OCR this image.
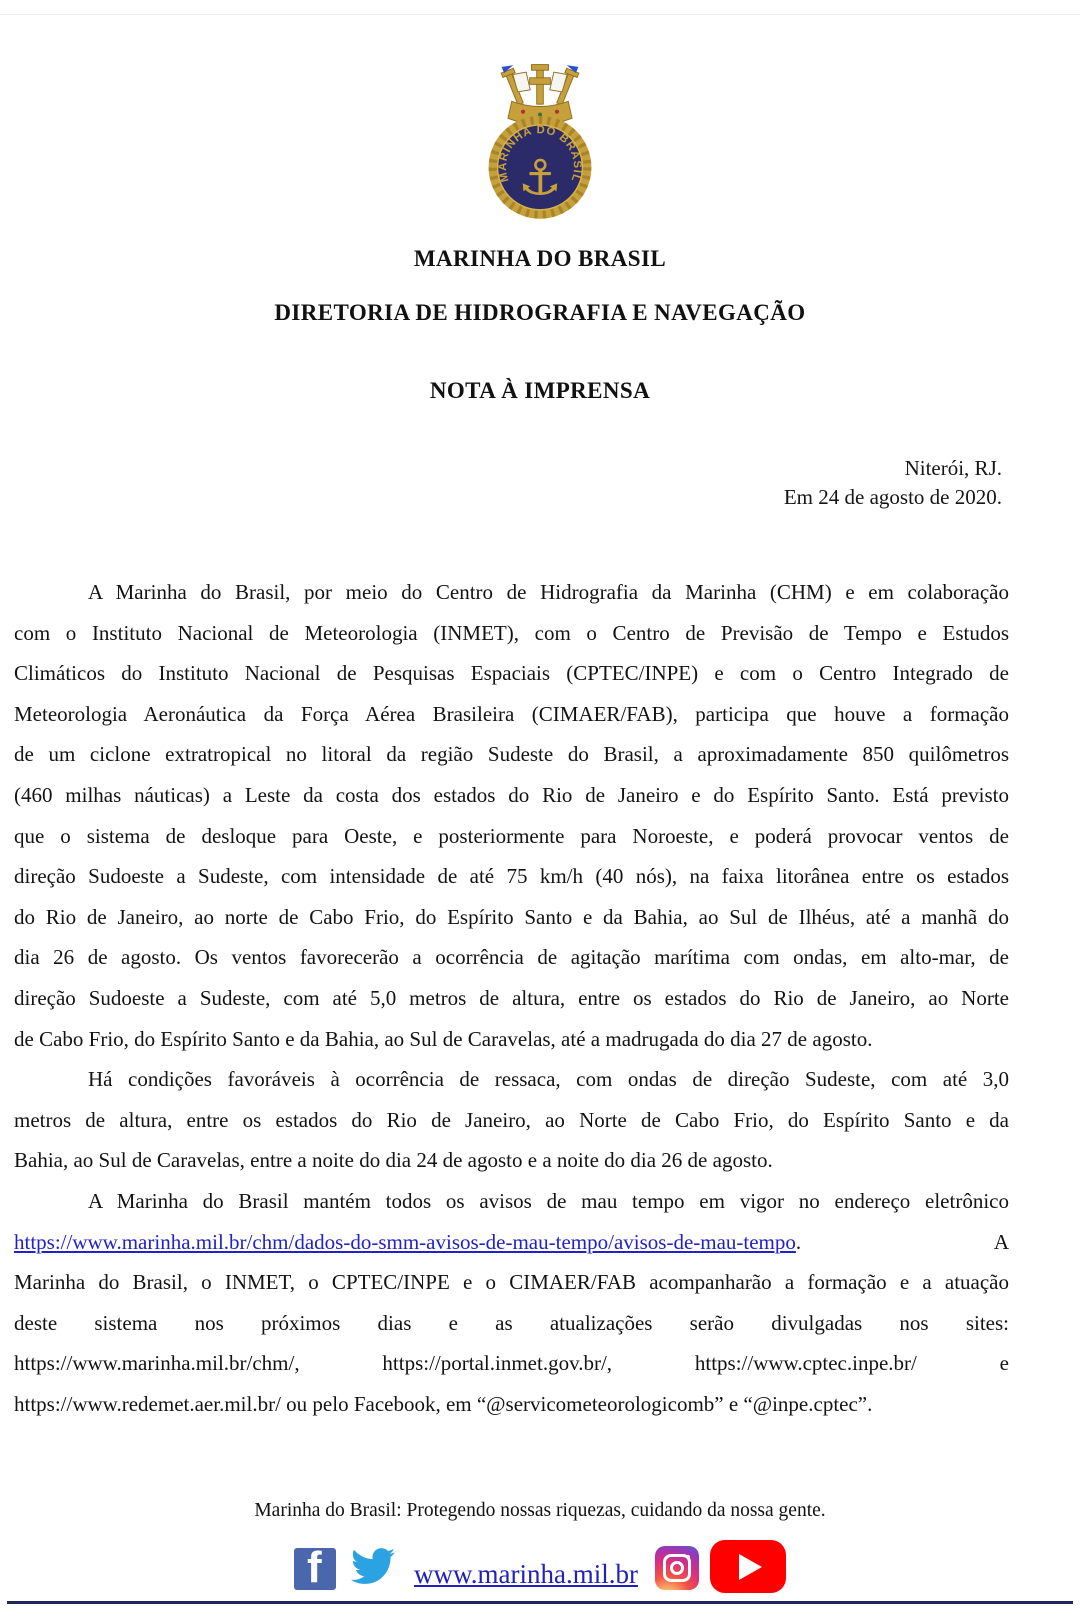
MARINHA DO BRASIL
⚓
MARINHA DO BRASIL
DIRETORIA DE HIDROGRAFIA E NAVEGAÇÃO
NOTA À IMPRENSA
Niterói, RJ.
Em 24 de agosto de 2020.
A Marinha do Brasil, por meio do Centro de Hidrografia da Marinha (CHM) e em colaboração
com o Instituto Nacional de Meteorologia (INMET), com o Centro de Previsão de Tempo e Estudos
Climáticos do Instituto Nacional de Pesquisas Espaciais (CPTEC/INPE) e com o Centro Integrado de
Meteorologia Aeronáutica da Força Aérea Brasileira (CIMAER/FAB), participa que houve a formação
de um ciclone extratropical no litoral da região Sudeste do Brasil, a aproximadamente 850 quilômetros
(460 milhas náuticas) a Leste da costa dos estados do Rio de Janeiro e do Espírito Santo. Está previsto
que o sistema de desloque para Oeste, e posteriormente para Noroeste, e poderá provocar ventos de
direção Sudoeste a Sudeste, com intensidade de até 75 km/h (40 nós), na faixa litorânea entre os estados
do Rio de Janeiro, ao norte de Cabo Frio, do Espírito Santo e da Bahia, ao Sul de Ilhéus, até a manhã do
dia 26 de agosto. Os ventos favorecerão a ocorrência de agitação marítima com ondas, em alto-mar, de
direção Sudoeste a Sudeste, com até 5,0 metros de altura, entre os estados do Rio de Janeiro, ao Norte
de Cabo Frio, do Espírito Santo e da Bahia, ao Sul de Caravelas, até a madrugada do dia 27 de agosto.
Há condições favoráveis à ocorrência de ressaca, com ondas de direção Sudeste, com até 3,0
metros de altura, entre os estados do Rio de Janeiro, ao Norte de Cabo Frio, do Espírito Santo e da
Bahia, ao Sul de Caravelas, entre a noite do dia 24 de agosto e a noite do dia 26 de agosto.
A Marinha do Brasil mantém todos os avisos de mau tempo em vigor no endereço eletrônico
https://www.marinha.mil.br/chm/dados-do-smm-avisos-de-mau-tempo/avisos-de-mau-tempo. A
Marinha do Brasil, o INMET, o CPTEC/INPE e o CIMAER/FAB acompanharão a formação e a atuação
deste sistema nos próximos dias e as atualizações serão divulgadas nos sites:
https://www.marinha.mil.br/chm/, https://portal.inmet.gov.br/, https://www.cptec.inpe.br/ e
https://www.redemet.aer.mil.br/ ou pelo Facebook, em “@servicometeorologicomb” e “@inpe.cptec”.
Marinha do Brasil: Protegendo nossas riquezas, cuidando da nossa gente.
f
www.marinha.mil.br
